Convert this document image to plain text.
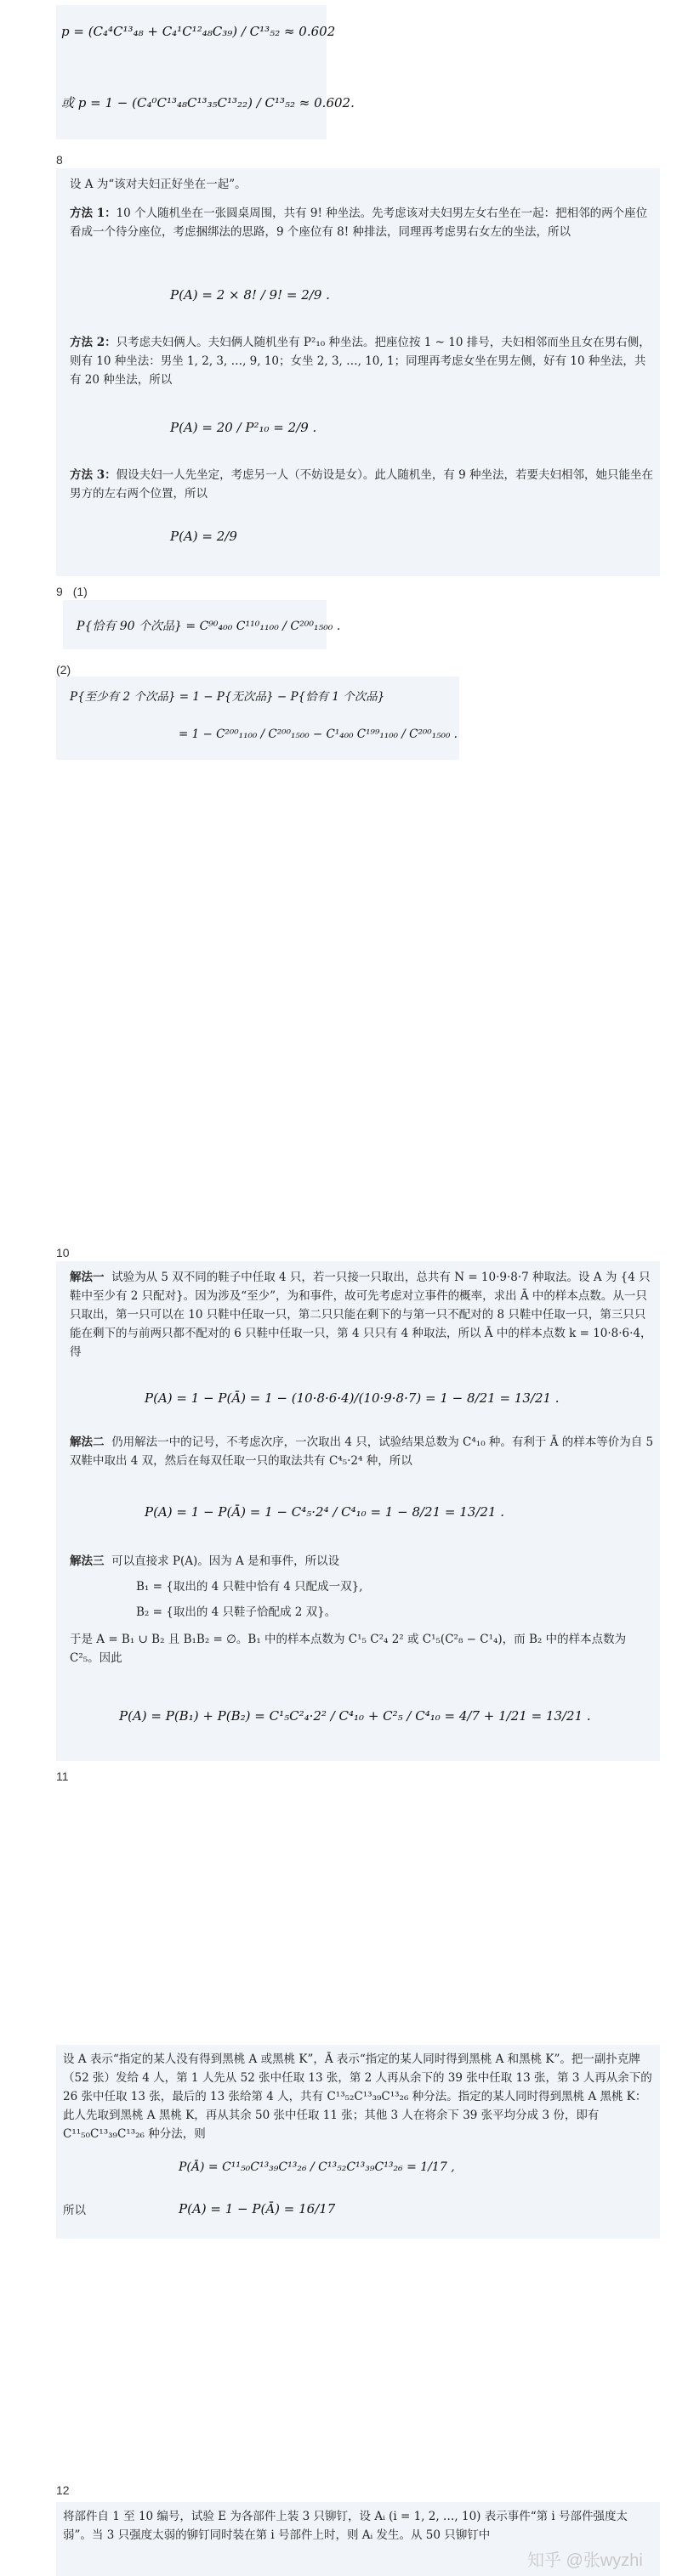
p = (C₄⁴C¹³₄₈ + C₄¹C¹²₄₈C₃₉) / C¹³₅₂ ≈ 0.602
或 p = 1 − (C₄⁰C¹³₄₈C¹³₃₅C¹³₂₂) / C¹³₅₂ ≈ 0.602.
8
设 A 为“该对夫妇正好坐在一起”。
方法 1：10 个人随机坐在一张圆桌周围，共有 9! 种坐法。先考虑该对夫妇男左女右坐在一起：把相邻的两个座位看成一个待分座位，考虑捆绑法的思路，9 个座位有 8! 种排法，同理再考虑男右女左的坐法，所以
P(A) = 2 × 8! / 9! = 2/9 .
方法 2：只考虑夫妇俩人。夫妇俩人随机坐有 P²₁₀ 种坐法。把座位按 1 ~ 10 排号，夫妇相邻而坐且女在男右侧，则有 10 种坐法：男坐 1, 2, 3, …, 9, 10；女坐 2, 3, …, 10, 1；同理再考虑女坐在男左侧，好有 10 种坐法，共有 20 种坐法，所以
P(A) = 20 / P²₁₀ = 2/9 .
方法 3：假设夫妇一人先坐定，考虑另一人（不妨设是女）。此人随机坐，有 9 种坐法，若要夫妇相邻，她只能坐在男方的左右两个位置，所以
P(A) = 2/9
9 (1)
P{恰有 90 个次品} = C⁹⁰₄₀₀ C¹¹⁰₁₁₀₀ / C²⁰⁰₁₅₀₀ .
(2)
P{至少有 2 个次品} = 1 − P{无次品} − P{恰有 1 个次品}
= 1 − C²⁰⁰₁₁₀₀ / C²⁰⁰₁₅₀₀ − C¹₄₀₀ C¹⁹⁹₁₁₀₀ / C²⁰⁰₁₅₀₀ .
10
解法一 试验为从 5 双不同的鞋子中任取 4 只，若一只接一只取出，总共有 N = 10·9·8·7 种取法。设 A 为 {4 只鞋中至少有 2 只配对}。因为涉及“至少”，为和事件，故可先考虑对立事件的概率，求出 Ā 中的样本点数。从一只只取出，第一只可以在 10 只鞋中任取一只，第二只只能在剩下的与第一只不配对的 8 只鞋中任取一只，第三只只能在剩下的与前两只都不配对的 6 只鞋中任取一只，第 4 只只有 4 种取法，所以 Ā 中的样本点数 k = 10·8·6·4，得
P(A) = 1 − P(Ā) = 1 − (10·8·6·4)/(10·9·8·7) = 1 − 8/21 = 13/21 .
解法二 仍用解法一中的记号，不考虑次序，一次取出 4 只，试验结果总数为 C⁴₁₀ 种。有利于 Ā 的样本等价为自 5 双鞋中取出 4 双，然后在每双任取一只的取法共有 C⁴₅·2⁴ 种，所以
P(A) = 1 − P(Ā) = 1 − C⁴₅·2⁴ / C⁴₁₀ = 1 − 8/21 = 13/21 .
解法三 可以直接求 P(A)。因为 A 是和事件，所以设
B₁ = {取出的 4 只鞋中恰有 4 只配成一双},
B₂ = {取出的 4 只鞋子恰配成 2 双}。
于是 A = B₁ ∪ B₂ 且 B₁B₂ = ∅。B₁ 中的样本点数为 C¹₅ C²₄ 2² 或 C¹₅(C²₈ − C¹₄)，而 B₂ 中的样本点数为 C²₅。因此
P(A) = P(B₁) + P(B₂) = C¹₅C²₄·2² / C⁴₁₀ + C²₅ / C⁴₁₀ = 4/7 + 1/21 = 13/21 .
11
设 A 表示“指定的某人没有得到黑桃 A 或黑桃 K”，Ā 表示“指定的某人同时得到黑桃 A 和黑桃 K”。把一副扑克牌（52 张）发给 4 人，第 1 人先从 52 张中任取 13 张，第 2 人再从余下的 39 张中任取 13 张，第 3 人再从余下的 26 张中任取 13 张，最后的 13 张给第 4 人，共有 C¹³₅₂C¹³₃₉C¹³₂₆ 种分法。指定的某人同时得到黑桃 A 黑桃 K：此人先取到黑桃 A 黑桃 K，再从其余 50 张中任取 11 张；其他 3 人在将余下 39 张平均分成 3 份，即有 C¹¹₅₀C¹³₃₉C¹³₂₆ 种分法，则
P(Ā) = C¹¹₅₀C¹³₃₉C¹³₂₆ / C¹³₅₂C¹³₃₉C¹³₂₆ = 1/17 ,
所以	P(A) = 1 − P(Ā) = 16/17
12
将部件自 1 至 10 编号，试验 E 为各部件上装 3 只铆钉，设 Aᵢ (i = 1, 2, …, 10) 表示事件“第 i 号部件强度太弱”。当 3 只强度太弱的铆钉同时装在第 i 号部件上时，则 Aᵢ 发生。从 50 只铆钉中
知乎 @张wyzhi
